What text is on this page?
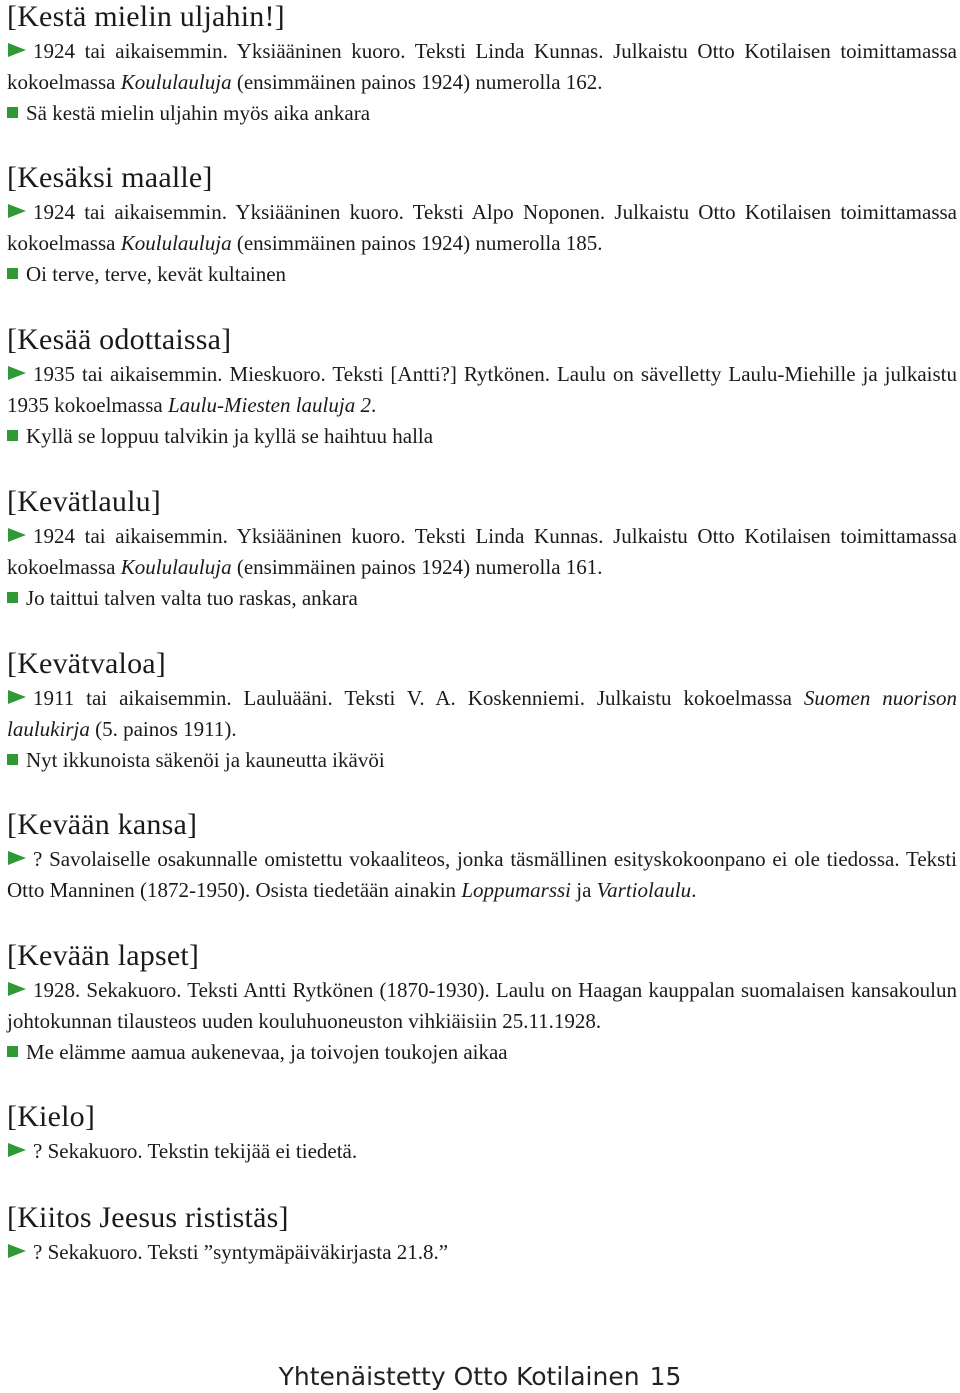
[Kestä mielin uljahin!]

1924 tai aikaisemmin. Yksiääninen kuoro. Teksti Linda Kunnas. Julkaistu Otto Kotilaisen toimittamassa kokoelmassa Koululauluja (ensimmäinen painos 1924) numerolla 162.

Sä kestä mielin uljahin myös aika ankara

[Kesäksi maalle]

1924 tai aikaisemmin. Yksiääninen kuoro. Teksti Alpo Noponen. Julkaistu Otto Kotilaisen toimittamassa kokoelmassa Koululauluja (ensimmäinen painos 1924) numerolla 185.

Oi terve, terve, kevät kultainen

[Kesää odottaissa]

1935 tai aikaisemmin. Mieskuoro. Teksti [Antti?] Rytkönen. Laulu on sävelletty Laulu-Miehille ja julkaistu 1935 kokoelmassa Laulu-Miesten lauluja 2.

Kyllä se loppuu talvikin ja kyllä se haihtuu halla

[Kevätlaulu]

1924 tai aikaisemmin. Yksiääninen kuoro. Teksti Linda Kunnas. Julkaistu Otto Kotilaisen toimittamassa kokoelmassa Koululauluja (ensimmäinen painos 1924) numerolla 161.

Jo taittui talven valta tuo raskas, ankara

[Kevätvaloa]

1911 tai aikaisemmin. Lauluääni. Teksti V. A. Koskenniemi. Julkaistu kokoelmassa Suomen nuorison laulukirja (5. painos 1911).

Nyt ikkunoista säkenöi ja kauneutta ikävöi

[Kevään kansa]

? Savolaiselle osakunnalle omistettu vokaaliteos, jonka täsmällinen esityskokoonpano ei ole tiedossa. Teksti Otto Manninen (1872-1950). Osista tiedetään ainakin Loppumarssi ja Vartiolaulu.

[Kevään lapset]

1928. Sekakuoro. Teksti Antti Rytkönen (1870-1930). Laulu on Haagan kauppalan suomalaisen kansakoulun johtokunnan tilausteos uuden kouluhuoneuston vihkiäisiin 25.11.1928.

Me elämme aamua aukenevaa, ja toivojen toukojen aikaa

[Kielo]

? Sekakuoro. Tekstin tekijää ei tiedetä.

[Kiitos Jeesus rististäs]

? Sekakuoro. Teksti ”syntymäpäiväkirjasta 21.8.”

Yhtenäistetty Otto Kotilainen 15
